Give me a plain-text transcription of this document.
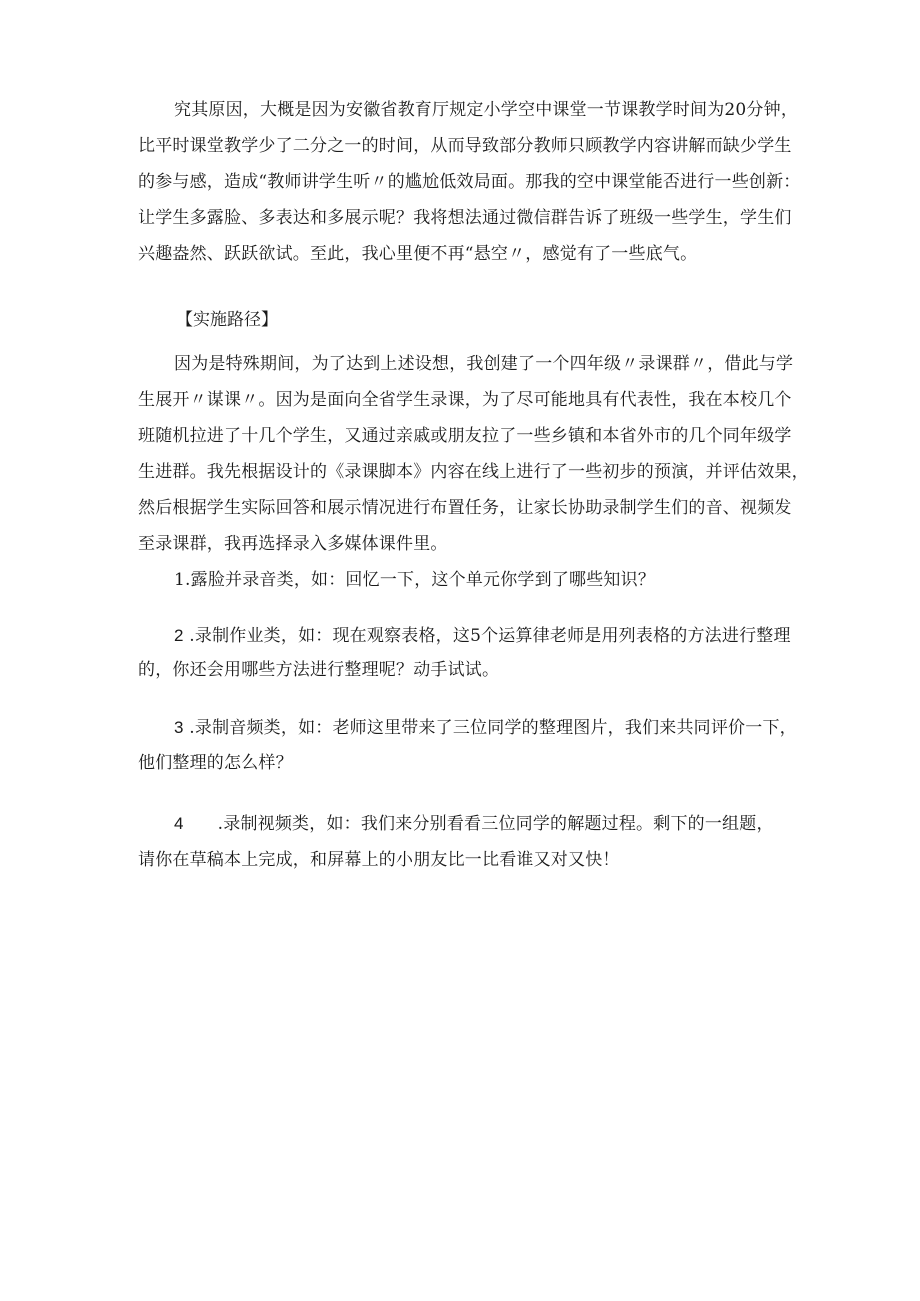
究其原因，大概是因为安徽省教育厅规定小学空中课堂一节课教学时间为20分钟，
比平时课堂教学少了二分之一的时间，从而导致部分教师只顾教学内容讲解而缺少学生
的参与感，造成“教师讲学生听〃的尴尬低效局面。那我的空中课堂能否进行一些创新：
让学生多露脸、多表达和多展示呢？我将想法通过微信群告诉了班级一些学生，学生们
兴趣盎然、跃跃欲试。至此，我心里便不再“悬空〃，感觉有了一些底气。
【实施路径】
因为是特殊期间，为了达到上述设想，我创建了一个四年级〃录课群〃，借此与学
生展开〃谋课〃。因为是面向全省学生录课，为了尽可能地具有代表性，我在本校几个
班随机拉进了十几个学生，又通过亲戚或朋友拉了一些乡镇和本省外市的几个同年级学
生进群。我先根据设计的《录课脚本》内容在线上进行了一些初步的预演，并评估效果，
然后根据学生实际回答和展示情况进行布置任务，让家长协助录制学生们的音、视频发
至录课群，我再选择录入多媒体课件里。
1.露脸并录音类，如：回忆一下，这个单元你学到了哪些知识？
2 .录制作业类，如：现在观察表格，这5个运算律老师是用列表格的方法进行整理
的，你还会用哪些方法进行整理呢？动手试试。
3 .录制音频类，如：老师这里带来了三位同学的整理图片，我们来共同评价一下，
他们整理的怎么样？
4 .录制视频类，如：我们来分别看看三位同学的解题过程。剩下的一组题，
请你在草稿本上完成，和屏幕上的小朋友比一比看谁又对又快！
